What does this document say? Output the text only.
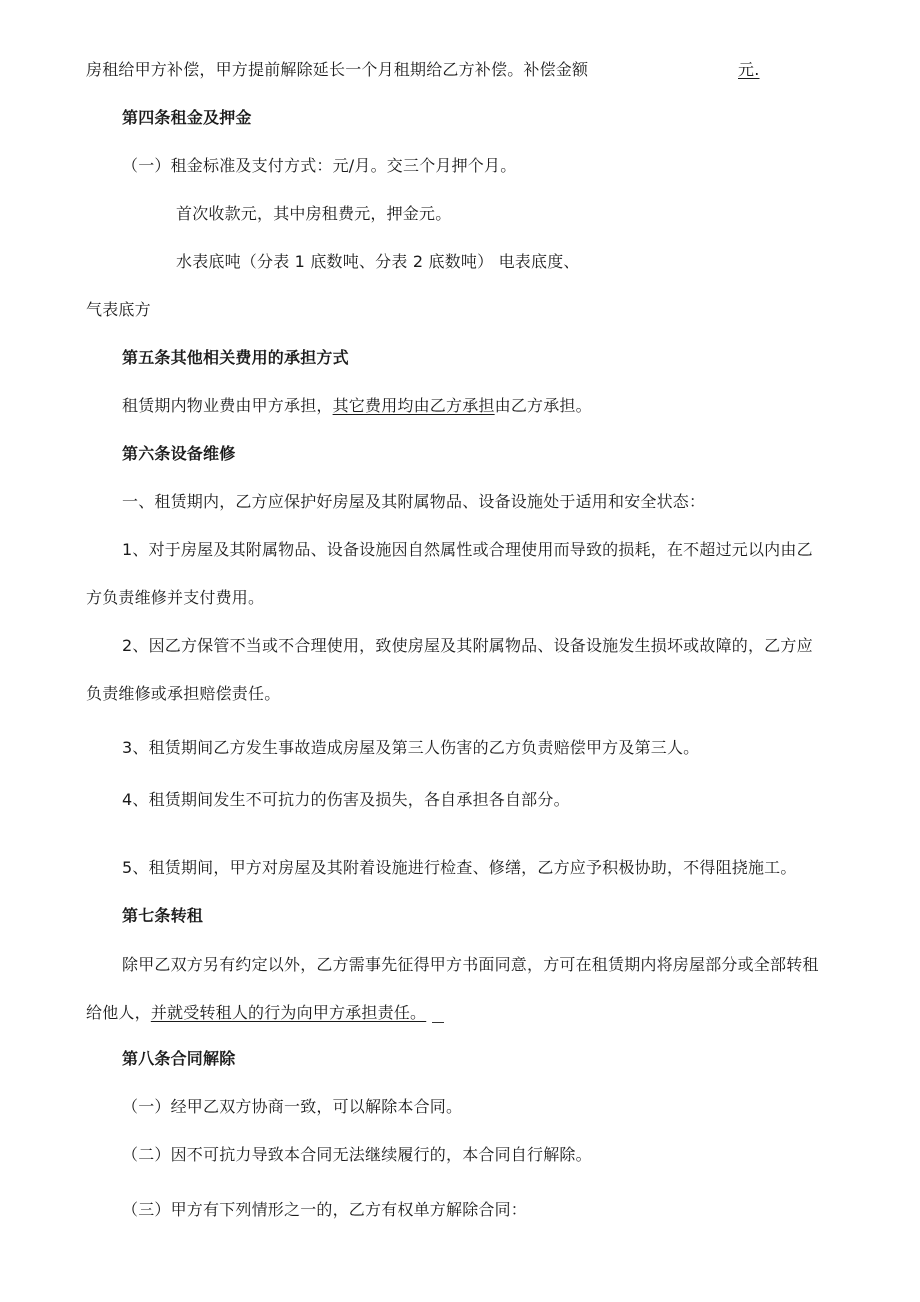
房租给甲方补偿，甲方提前解除延长一个月租期给乙方补偿。补偿金额	元.
第四条租金及押金
（一）租金标准及支付方式：元/月。交三个月押个月。
首次收款元，其中房租费元，押金元。
水表底吨（分表 1 底数吨、分表 2 底数吨） 电表底度、
气表底方
第五条其他相关费用的承担方式
租赁期内物业费由甲方承担，其它费用均由乙方承担由乙方承担。
第六条设备维修
一、租赁期内，乙方应保护好房屋及其附属物品、设备设施处于适用和安全状态：
1、对于房屋及其附属物品、设备设施因自然属性或合理使用而导致的损耗，在不超过元以内由乙
方负责维修并支付费用。
2、因乙方保管不当或不合理使用，致使房屋及其附属物品、设备设施发生损坏或故障的，乙方应
负责维修或承担赔偿责任。
3、租赁期间乙方发生事故造成房屋及第三人伤害的乙方负责赔偿甲方及第三人。
4、租赁期间发生不可抗力的伤害及损失，各自承担各自部分。
5、租赁期间，甲方对房屋及其附着设施进行检查、修缮，乙方应予积极协助，不得阻挠施工。
第七条转租
除甲乙双方另有约定以外，乙方需事先征得甲方书面同意，方可在租赁期内将房屋部分或全部转租
给他人，并就受转租人的行为向甲方承担责任。
第八条合同解除
（一）经甲乙双方协商一致，可以解除本合同。
（二）因不可抗力导致本合同无法继续履行的，本合同自行解除。
（三）甲方有下列情形之一的，乙方有权单方解除合同：
